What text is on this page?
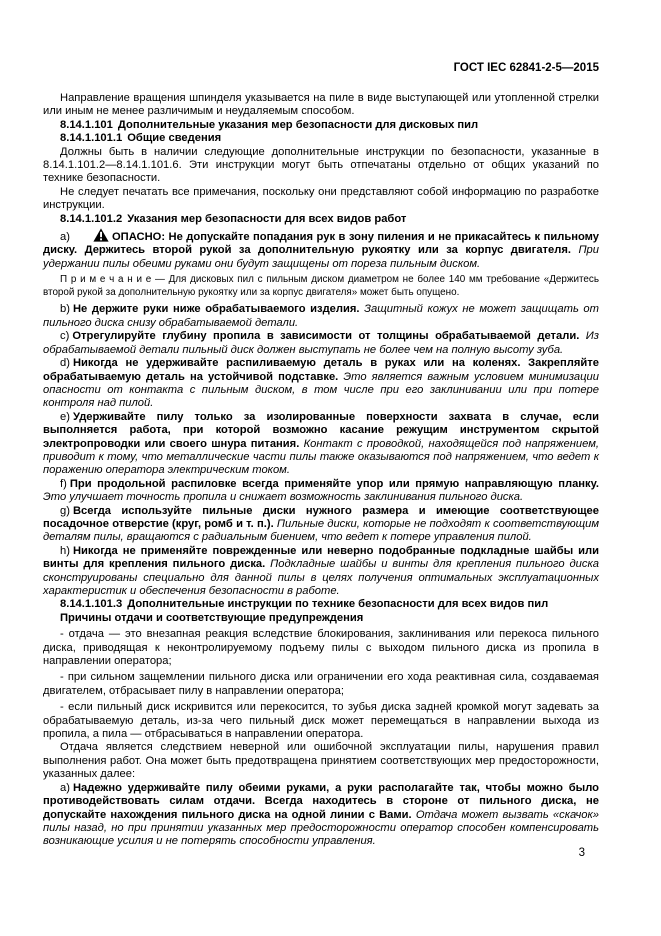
ГОСТ IEC 62841-2-5—2015

Направление вращения шпинделя указывается на пиле в виде выступающей или утопленной стрелки или иным не менее различимым и неудаляемым способом.

8.14.1.101 Дополнительные указания мер безопасности для дисковых пил

8.14.1.101.1 Общие сведения

Должны быть в наличии следующие дополнительные инструкции по безопасности, указанные в 8.14.1.101.2—8.14.1.101.6. Эти инструкции могут быть отпечатаны отдельно от общих указаний по технике безопасности.

Не следует печатать все примечания, поскольку они представляют собой информацию по разработке инструкции.

8.14.1.101.2 Указания мер безопасности для всех видов работ

a)	ОПАСНО: Не допускайте попадания рук в зону пиления и не прикасайтесь к пильному диску. Держитесь второй рукой за дополнительную рукоятку или за корпус двигателя. При удержании пилы обеими руками они будут защищены от пореза пильным диском.

П р и м е ч а н и е — Для дисковых пил с пильным диском диаметром не более 140 мм требование «Держитесь второй рукой за дополнительную рукоятку или за корпус двигателя» может быть опущено.

b) Не держите руки ниже обрабатываемого изделия. Защитный кожух не может защищать от пильного диска снизу обрабатываемой детали.

c) Отрегулируйте глубину пропила в зависимости от толщины обрабатываемой детали. Из обрабатываемой детали пильный диск должен выступать не более чем на полную высоту зуба.

d) Никогда не удерживайте распиливаемую деталь в руках или на коленях. Закрепляйте обрабатываемую деталь на устойчивой подставке. Это является важным условием минимизации опасности от контакта с пильным диском, в том числе при его заклинивании или при потере контроля над пилой.

e) Удерживайте пилу только за изолированные поверхности захвата в случае, если выполняется работа, при которой возможно касание режущим инструментом скрытой электропроводки или своего шнура питания. Контакт с проводкой, находящейся под напряжением, приводит к тому, что металлические части пилы также оказываются под напряжением, что ведет к поражению оператора электрическим током.

f) При продольной распиловке всегда применяйте упор или прямую направляющую планку. Это улучшает точность пропила и снижает возможность заклинивания пильного диска.

g) Всегда используйте пильные диски нужного размера и имеющие соответствующее посадочное отверстие (круг, ромб и т. п.). Пильные диски, которые не подходят к соответствующим деталям пилы, вращаются с радиальным биением, что ведет к потере управления пилой.

h) Никогда не применяйте поврежденные или неверно подобранные подкладные шайбы или винты для крепления пильного диска. Подкладные шайбы и винты для крепления пильного диска сконструированы специально для данной пилы в целях получения оптимальных эксплуатационных характеристик и обеспечения безопасности в работе.

8.14.1.101.3 Дополнительные инструкции по технике безопасности для всех видов пил

Причины отдачи и соответствующие предупреждения

- отдача — это внезапная реакция вследствие блокирования, заклинивания или перекоса пильного диска, приводящая к неконтролируемому подъему пилы с выходом пильного диска из пропила в направлении оператора;

- при сильном защемлении пильного диска или ограничении его хода реактивная сила, создаваемая двигателем, отбрасывает пилу в направлении оператора;

- если пильный диск искривится или перекосится, то зубья диска задней кромкой могут задевать за обрабатываемую деталь, из-за чего пильный диск может перемещаться в направлении выхода из пропила, а пила — отбрасываться в направлении оператора.

Отдача является следствием неверной или ошибочной эксплуатации пилы, нарушения правил выполнения работ. Она может быть предотвращена принятием соответствующих мер предосторожности, указанных далее:

a) Надежно удерживайте пилу обеими руками, а руки располагайте так, чтобы можно было противодействовать силам отдачи. Всегда находитесь в стороне от пильного диска, не допускайте нахождения пильного диска на одной линии с Вами. Отдача может вызвать «скачок» пилы назад, но при принятии указанных мер предосторожности оператор способен компенсировать возникающие усилия и не потерять способности управления.

3
